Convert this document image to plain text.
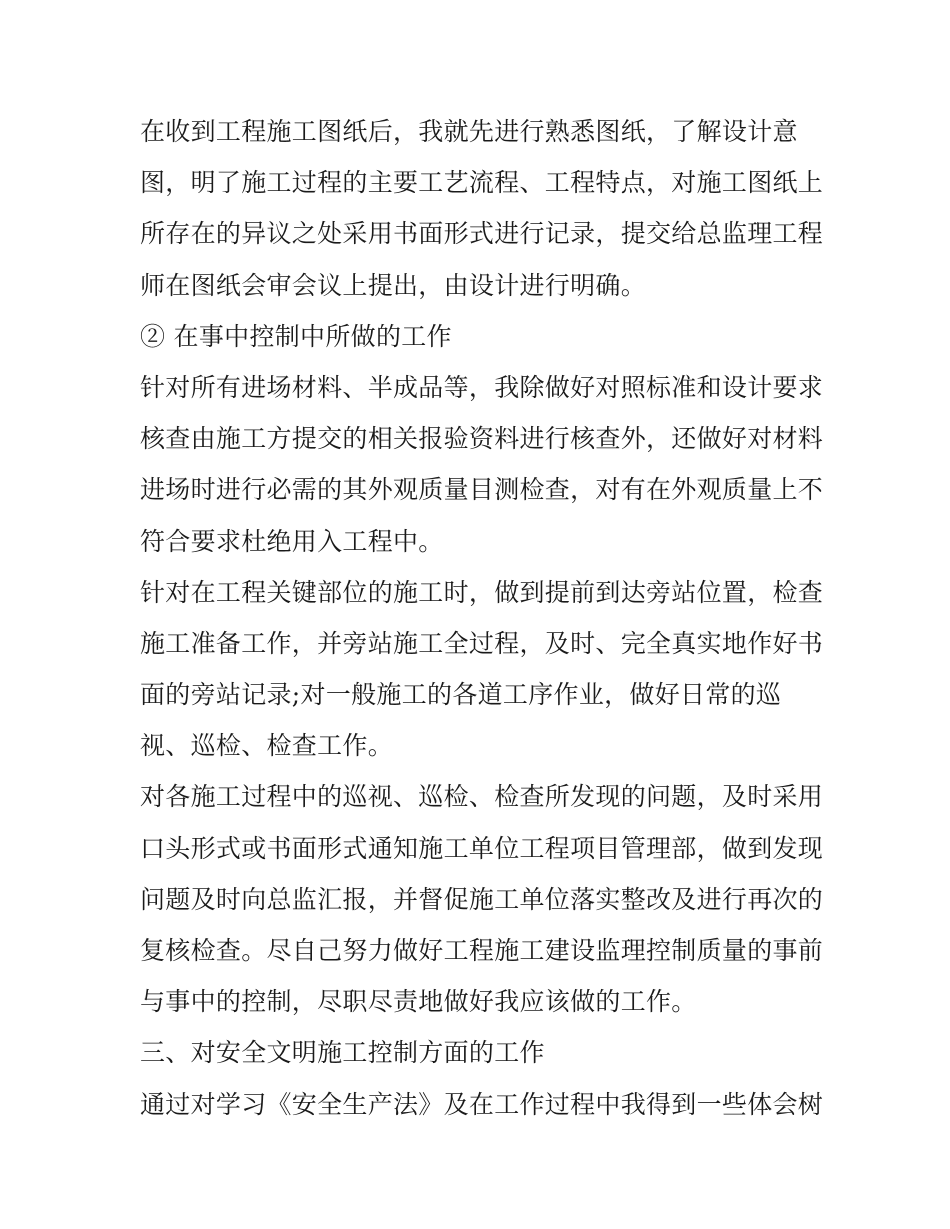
在收到工程施工图纸后，我就先进行熟悉图纸，了解设计意
图，明了施工过程的主要工艺流程、工程特点，对施工图纸上
所存在的异议之处采用书面形式进行记录，提交给总监理工程
师在图纸会审会议上提出，由设计进行明确。
② 在事中控制中所做的工作
针对所有进场材料、半成品等，我除做好对照标准和设计要求
核查由施工方提交的相关报验资料进行核查外，还做好对材料
进场时进行必需的其外观质量目测检查，对有在外观质量上不
符合要求杜绝用入工程中。
针对在工程关键部位的施工时，做到提前到达旁站位置，检查
施工准备工作，并旁站施工全过程，及时、完全真实地作好书
面的旁站记录;对一般施工的各道工序作业，做好日常的巡
视、巡检、检查工作。
对各施工过程中的巡视、巡检、检查所发现的问题，及时采用
口头形式或书面形式通知施工单位工程项目管理部，做到发现
问题及时向总监汇报，并督促施工单位落实整改及进行再次的
复核检查。尽自己努力做好工程施工建设监理控制质量的事前
与事中的控制，尽职尽责地做好我应该做的工作。
三、对安全文明施工控制方面的工作
通过对学习《安全生产法》及在工作过程中我得到一些体会树
